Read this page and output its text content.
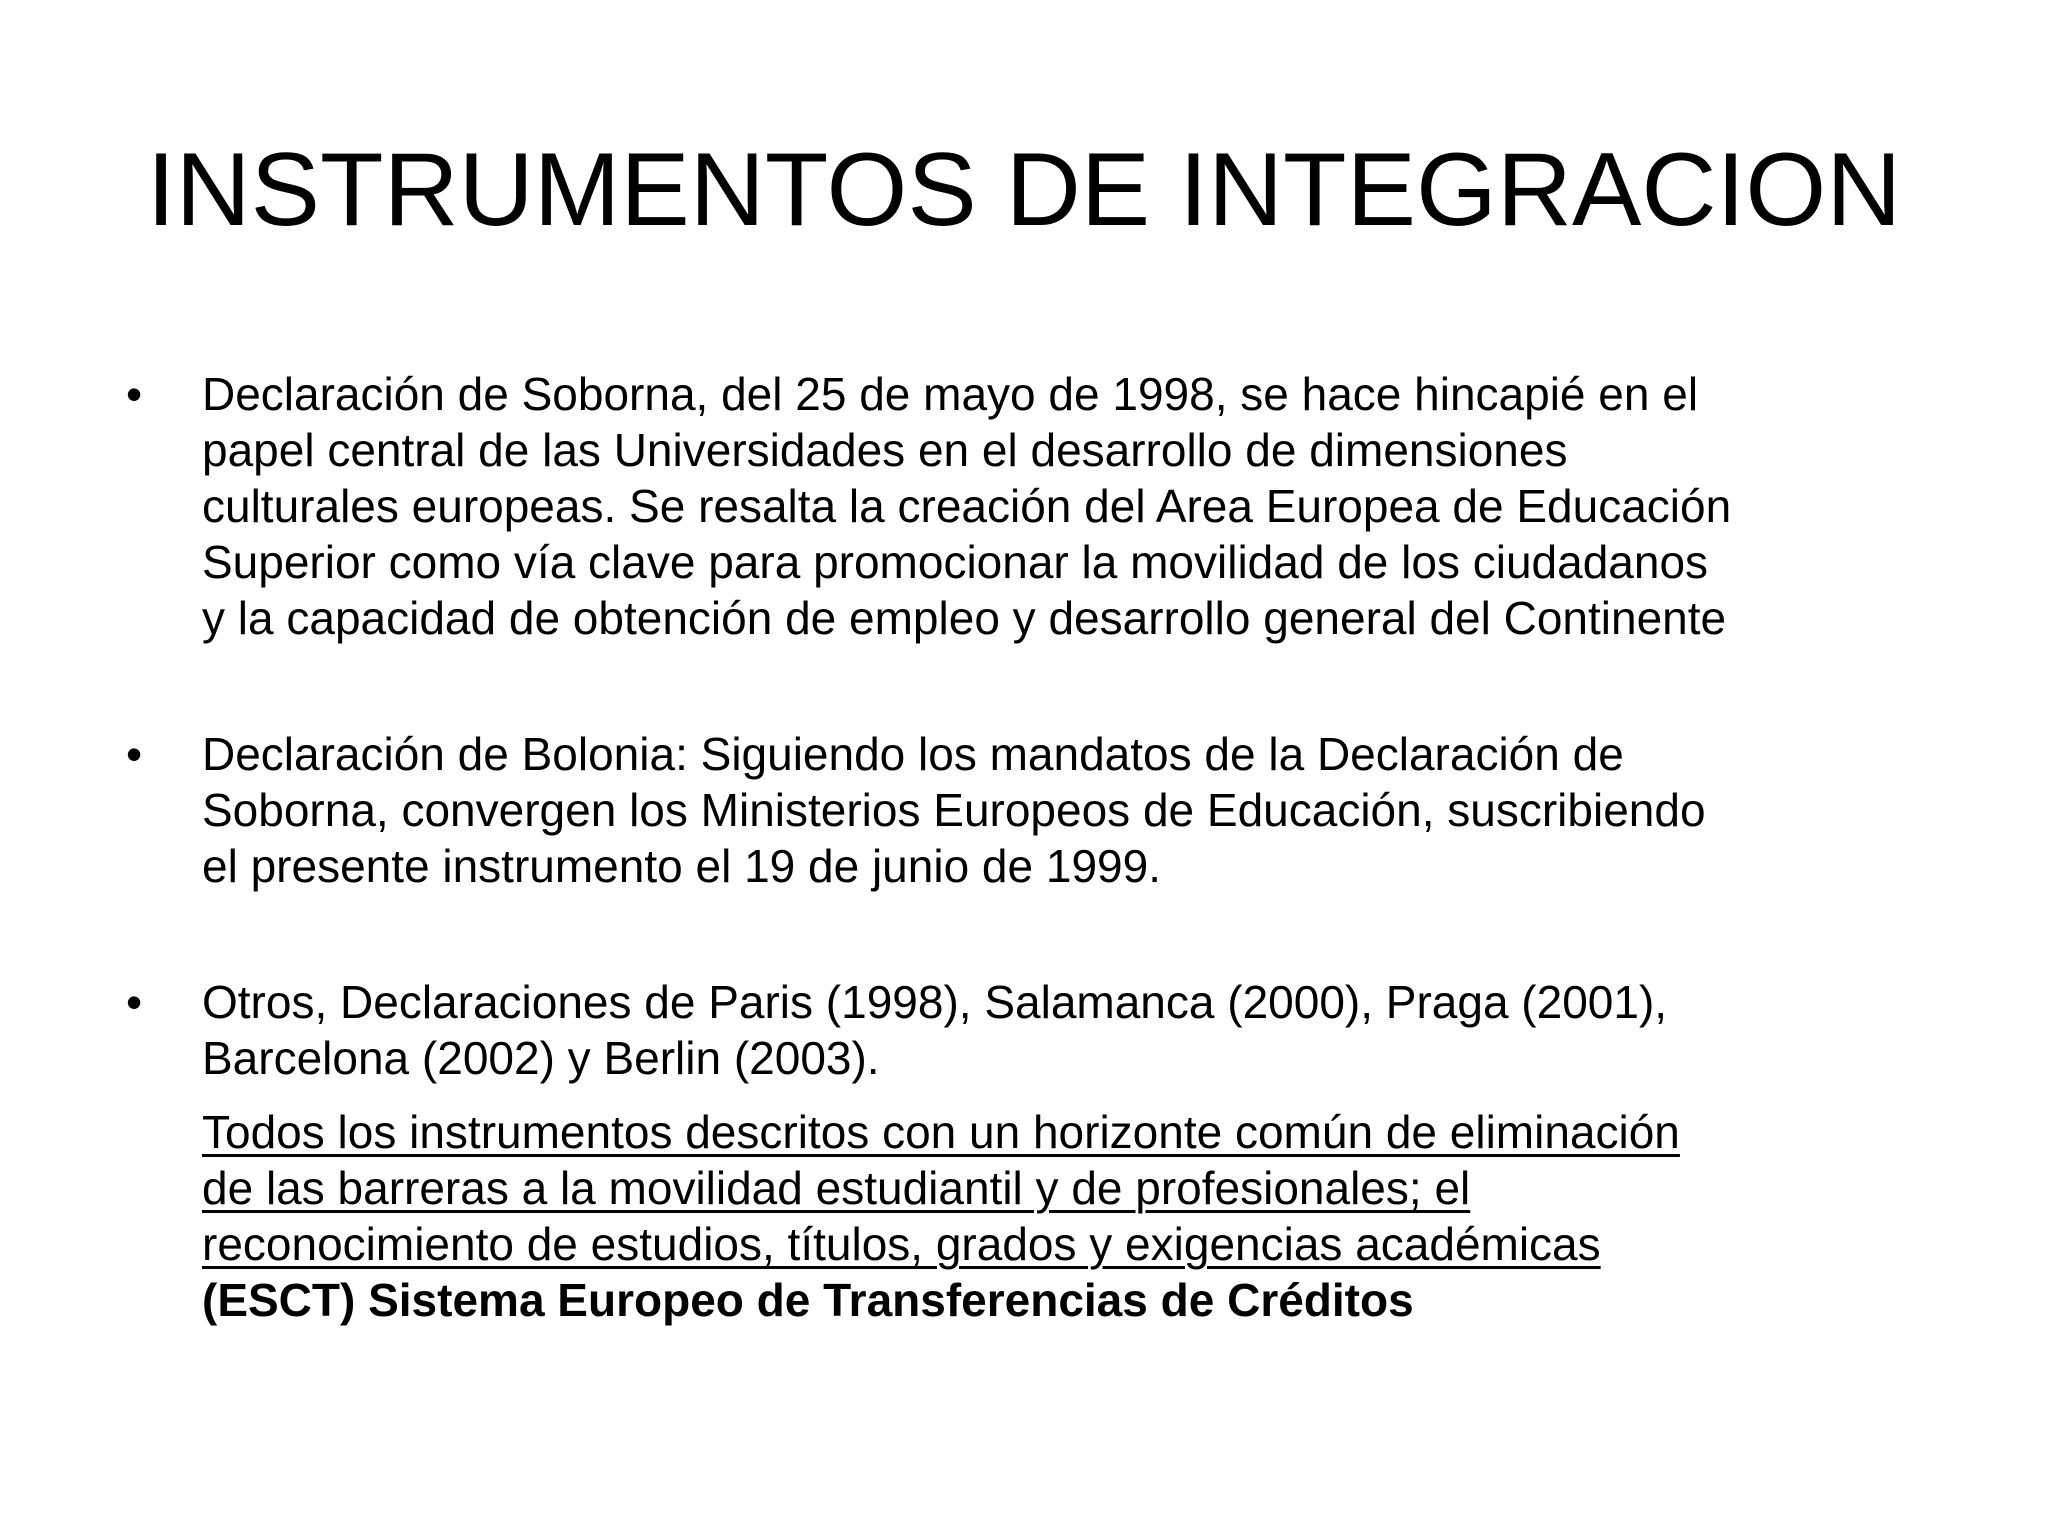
INSTRUMENTOS DE INTEGRACION
•	Declaración de Soborna, del 25 de mayo de 1998, se hace hincapié en el
papel central de las Universidades en el desarrollo de dimensiones
culturales europeas. Se resalta la creación del Area Europea de Educación
Superior como vía clave para promocionar la movilidad de los ciudadanos
y la capacidad de obtención de empleo y desarrollo general del Continente
•	Declaración de Bolonia: Siguiendo los mandatos de la Declaración de
Soborna, convergen los Ministerios Europeos de Educación, suscribiendo
el presente instrumento el 19 de junio de 1999.
•	Otros, Declaraciones de Paris (1998), Salamanca (2000), Praga (2001),
Barcelona (2002) y Berlin (2003).
Todos los instrumentos descritos con un horizonte común de eliminación
de las barreras a la movilidad estudiantil y de profesionales; el
reconocimiento de estudios, títulos, grados y exigencias académicas
(ESCT) Sistema Europeo de Transferencias de Créditos
